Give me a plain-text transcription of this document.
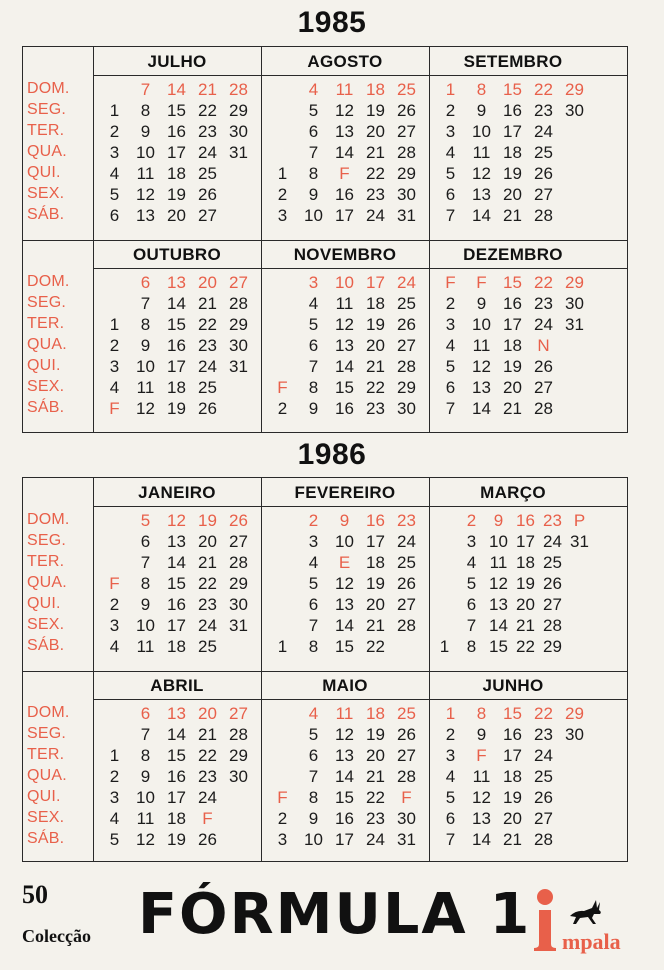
1985
DOM.
SEG.
TER.
QUA.
QUI.
SEX.
SÁB.
DOM.
SEG.
TER.
QUA.
QUI.
SEX.
SÁB.
JULHO
1
2
3
4
5
6
7
8
9
10
11
12
13
14
15
16
17
18
19
20
21
22
23
24
25
26
27
28
29
30
31
AGOSTO
1
2
3
4
5
6
7
8
9
10
11
12
13
14
F
16
17
18
19
20
21
22
23
24
25
26
27
28
29
30
31
SETEMBRO
1
2
3
4
5
6
7
8
9
10
11
12
13
14
15
16
17
18
19
20
21
22
23
24
25
26
27
28
29
30
OUTUBRO
1
2
3
4
F
6
7
8
9
10
11
12
13
14
15
16
17
18
19
20
21
22
23
24
25
26
27
28
29
30
31
NOVEMBRO
F
2
3
4
5
6
7
8
9
10
11
12
13
14
15
16
17
18
19
20
21
22
23
24
25
26
27
28
29
30
DEZEMBRO
F
2
3
4
5
6
7
F
9
10
11
12
13
14
15
16
17
18
19
20
21
22
23
24
N
26
27
28
29
30
31
1986
DOM.
SEG.
TER.
QUA.
QUI.
SEX.
SÁB.
DOM.
SEG.
TER.
QUA.
QUI.
SEX.
SÁB.
JANEIRO
F
2
3
4
5
6
7
8
9
10
11
12
13
14
15
16
17
18
19
20
21
22
23
24
25
26
27
28
29
30
31
FEVEREIRO
1
2
3
4
5
6
7
8
9
10
E
12
13
14
15
16
17
18
19
20
21
22
23
24
25
26
27
28
MARÇO
1
2
3
4
5
6
7
8
9
10
11
12
13
14
15
16
17
18
19
20
21
22
23
24
25
26
27
28
29
P
31
ABRIL
1
2
3
4
5
6
7
8
9
10
11
12
13
14
15
16
17
18
19
20
21
22
23
24
F
26
27
28
29
30
MAIO
F
2
3
4
5
6
7
8
9
10
11
12
13
14
15
16
17
18
19
20
21
22
23
24
25
26
27
28
F
30
31
JUNHO
1
2
3
4
5
6
7
8
9
F
11
12
13
14
15
16
17
18
19
20
21
22
23
24
25
26
27
28
29
30
50
Colecção FÓRMULA 1 mpala
